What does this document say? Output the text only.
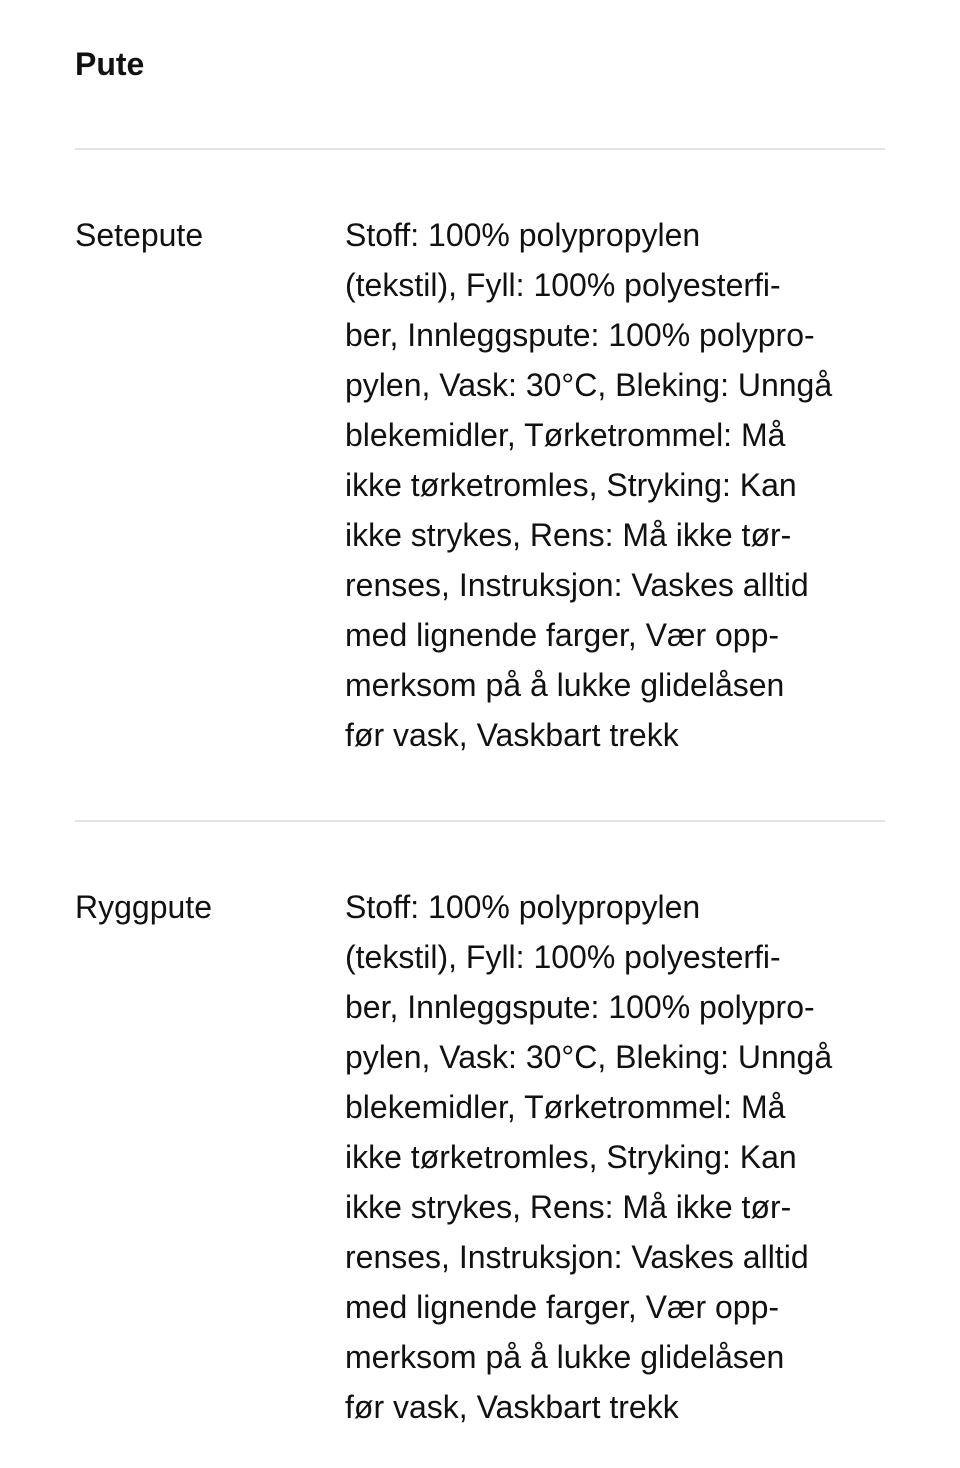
Pute
Setepute	Stoff: 100% polypropylen
(tekstil), Fyll: 100% polyesterfi-
ber, Innleggspute: 100% polypro-
pylen, Vask: 30°C, Bleking: Unngå
blekemidler, Tørketrommel: Må
ikke tørketromles, Stryking: Kan
ikke strykes, Rens: Må ikke tør-
renses, Instruksjon: Vaskes alltid
med lignende farger, Vær opp-
merksom på å lukke glidelåsen
før vask, Vaskbart trekk
Ryggpute	Stoff: 100% polypropylen
(tekstil), Fyll: 100% polyesterfi-
ber, Innleggspute: 100% polypro-
pylen, Vask: 30°C, Bleking: Unngå
blekemidler, Tørketrommel: Må
ikke tørketromles, Stryking: Kan
ikke strykes, Rens: Må ikke tør-
renses, Instruksjon: Vaskes alltid
med lignende farger, Vær opp-
merksom på å lukke glidelåsen
før vask, Vaskbart trekk
